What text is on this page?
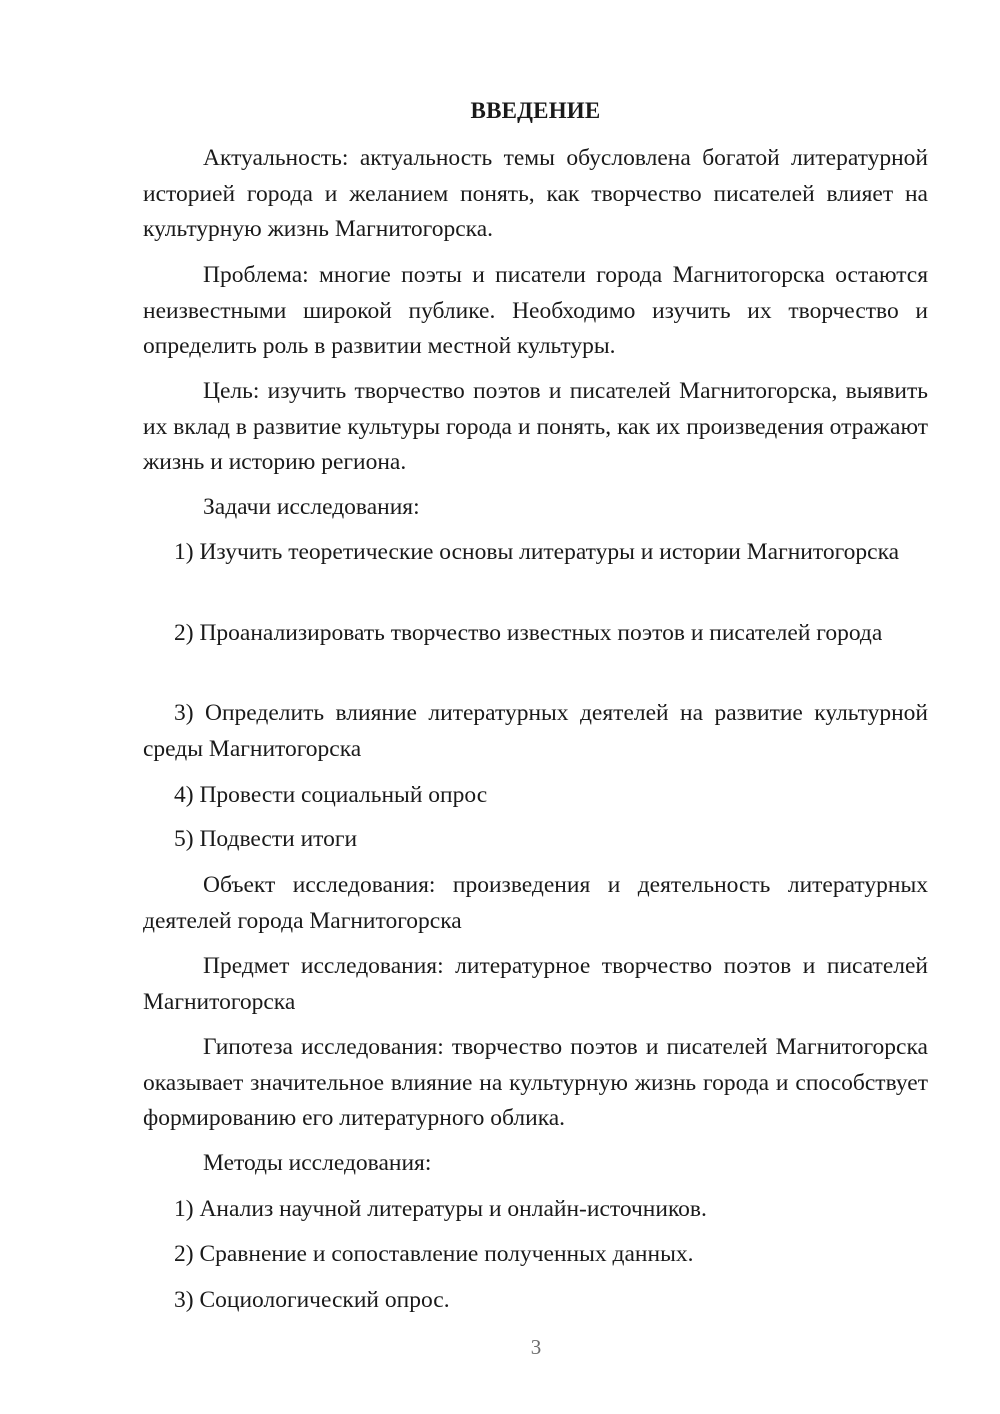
ВВЕДЕНИЕ

Актуальность: актуальность темы обусловлена богатой литературной историей города и желанием понять, как творчество писателей влияет на культурную жизнь Магнитогорска.

Проблема: многие поэты и писатели города Магнитогорска остаются неизвестными широкой публике. Необходимо изучить их творчество и определить роль в развитии местной культуры.

Цель: изучить творчество поэтов и писателей Магнитогорска, выявить их вклад в развитие культуры города и понять, как их произведения отражают жизнь и историю региона.

Задачи исследования:

1) Изучить теоретические основы литературы и истории Магнитогорска

2) Проанализировать творчество известных поэтов и писателей города

3) Определить влияние литературных деятелей на развитие культурной среды Магнитогорска

4) Провести социальный опрос

5) Подвести итоги

Объект исследования: произведения и деятельность литературных деятелей города Магнитогорска

Предмет исследования: литературное творчество поэтов и писателей Магнитогорска

Гипотеза исследования: творчество поэтов и писателей Магнитогорска оказывает значительное влияние на культурную жизнь города и способствует формированию его литературного облика.

Методы исследования:

1) Анализ научной литературы и онлайн-источников.

2) Сравнение и сопоставление полученных данных.

3) Социологический опрос.

3
